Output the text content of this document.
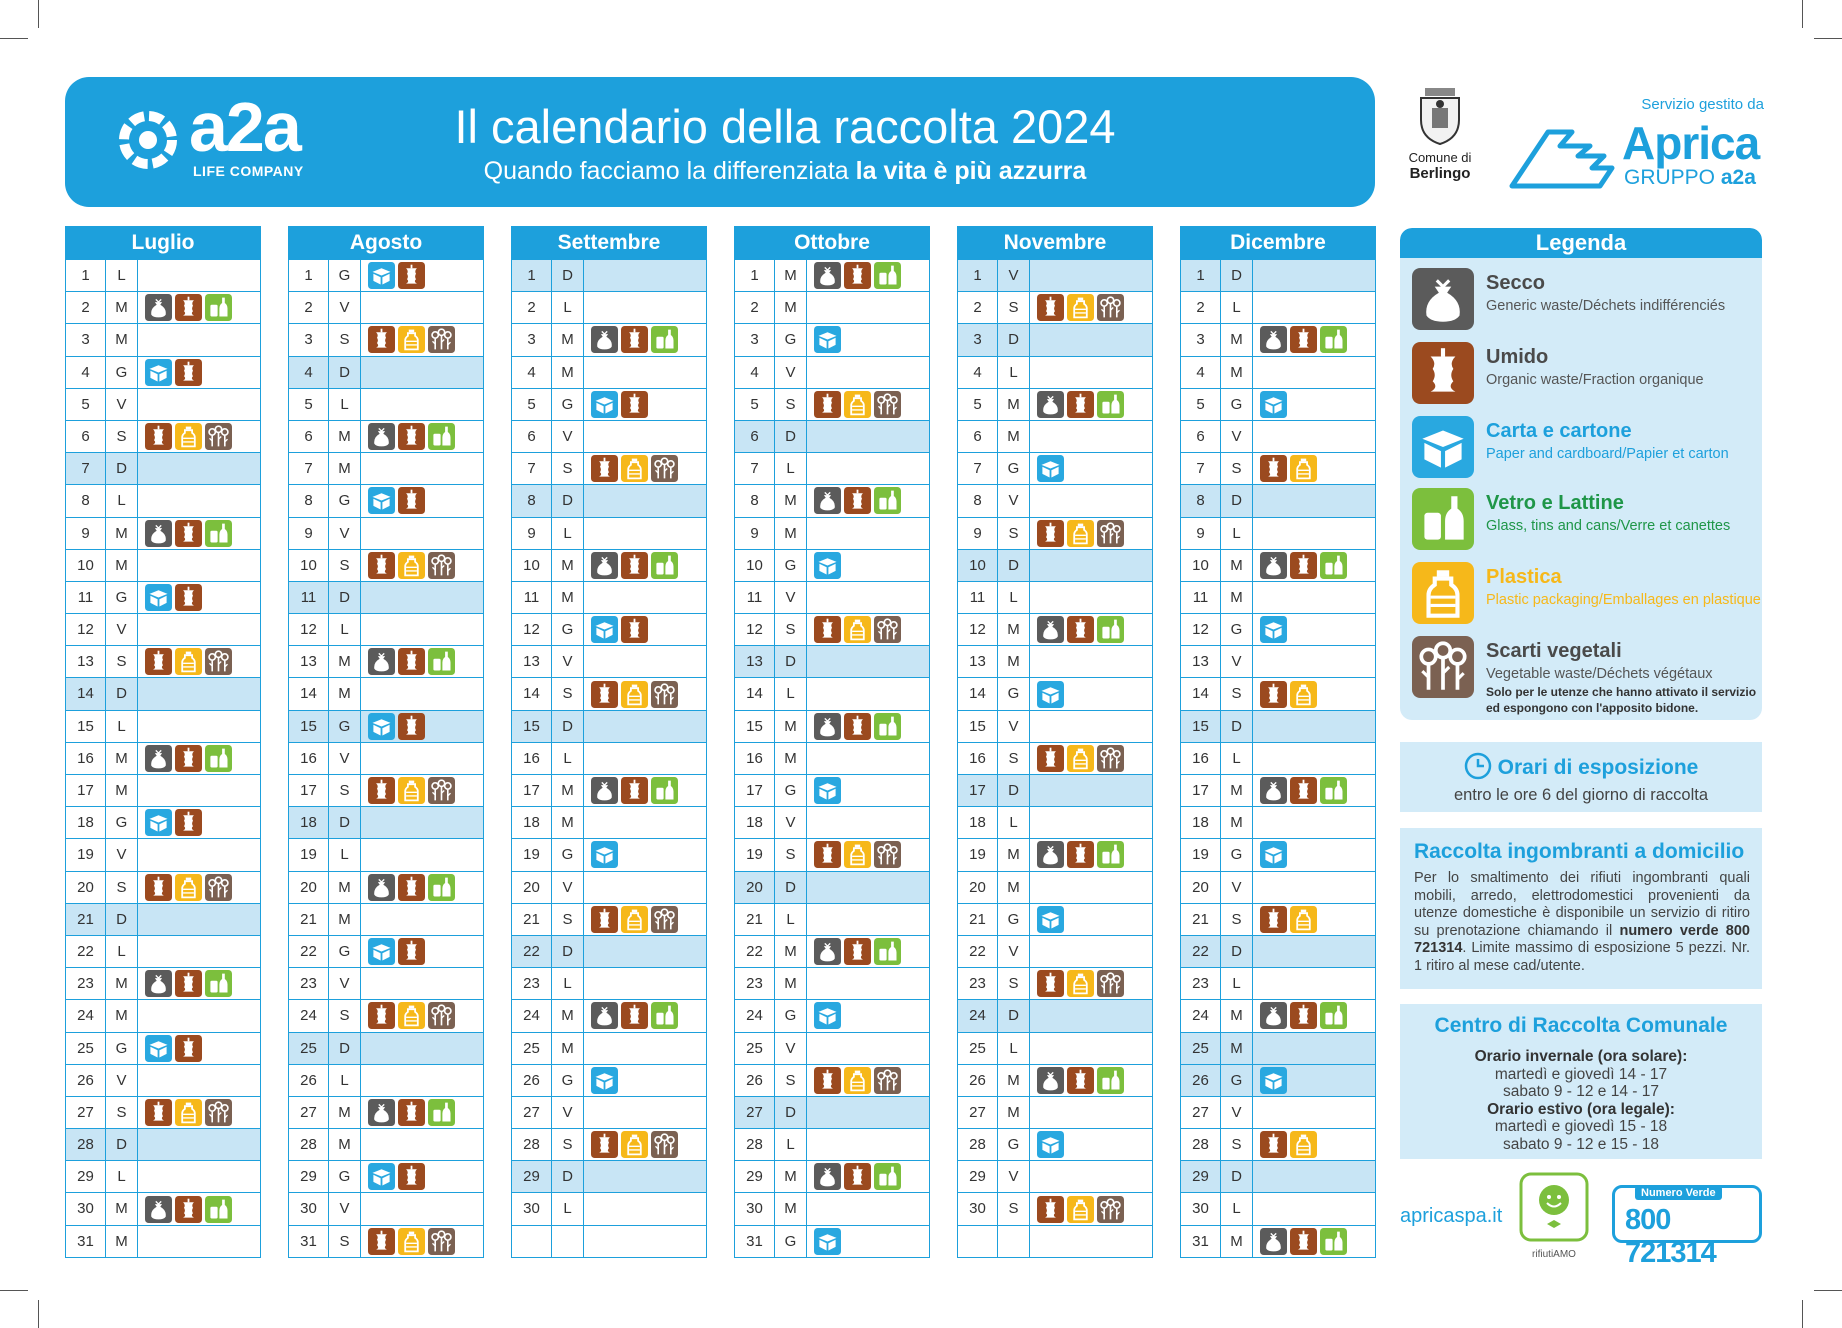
a2a
LIFE COMPANY
Il calendario della raccolta 2024
Quando facciamo la differenziata la vita è più azzurra	Comune di
Berlingo
Servizio gestito da
Aprica
GRUPPO a2a
Luglio
1	L
2	M
3	M
4	G
5	V
6	S
7	D
8	L
9	M
10	M
11	G
12	V
13	S
14	D
15	L
16	M
17	M
18	G
19	V
20	S
21	D
22	L
23	M
24	M
25	G
26	V
27	S
28	D
29	L
30	M
31	M
Agosto
1	G
2	V
3	S
4	D
5	L
6	M
7	M
8	G
9	V
10	S
11	D
12	L
13	M
14	M
15	G
16	V
17	S
18	D
19	L
20	M
21	M
22	G
23	V
24	S
25	D
26	L
27	M
28	M
29	G
30	V
31	S
Settembre
1	D
2	L
3	M
4	M
5	G
6	V
7	S
8	D
9	L
10	M
11	M
12	G
13	V
14	S
15	D
16	L
17	M
18	M
19	G
20	V
21	S
22	D
23	L
24	M
25	M
26	G
27	V
28	S
29	D
30	L
Ottobre
1	M
2	M
3	G
4	V
5	S
6	D
7	L
8	M
9	M
10	G
11	V
12	S
13	D
14	L
15	M
16	M
17	G
18	V
19	S
20	D
21	L
22	M
23	M
24	G
25	V
26	S
27	D
28	L
29	M
30	M
31	G
Novembre
1	V
2	S
3	D
4	L
5	M
6	M
7	G
8	V
9	S
10	D
11	L
12	M
13	M
14	G
15	V
16	S
17	D
18	L
19	M
20	M
21	G
22	V
23	S
24	D
25	L
26	M
27	M
28	G
29	V
30	S
Dicembre
1	D
2	L
3	M
4	M
5	G
6	V
7	S
8	D
9	L
10	M
11	M
12	G
13	V
14	S
15	D
16	L
17	M
18	M
19	G
20	V
21	S
22	D
23	L
24	M
25	M
26	G
27	V
28	S
29	D
30	L
31	M
Legenda
Secco
Generic waste/Déchets indifférenciés
Umido
Organic waste/Fraction organique
Carta e cartone
Paper and cardboard/Papier et carton
Vetro e Lattine
Glass, tins and cans/Verre et canettes
Plastica
Plastic packaging/Emballages en plastique
Scarti vegetali
Vegetable waste/Déchets végétaux
Solo per le utenze che hanno attivato il servizio ed espongono con l'apposito bidone.
Orari di esposizione
entro le ore 6 del giorno di raccolta
Raccolta ingombranti a domicilio
Per lo smaltimento dei rifiuti ingombranti quali mobili, arredo, elettrodomestici provenienti da utenze domestiche è disponibile un servizio di ritiro su prenotazione chiamando il numero verde 800 721314. Limite massimo di esposizione 5 pezzi. Nr. 1 ritiro al mese cad/utente.
Centro di Raccolta Comunale
Orario invernale (ora solare):
martedì e giovedì 14 - 17
sabato 9 - 12 e 14 - 17
Orario estivo (ora legale):
martedì e giovedì 15 - 18
sabato 9 - 12 e 15 - 18
apricaspa.it
rifiutiAMO
Numero Verde
800 721314
